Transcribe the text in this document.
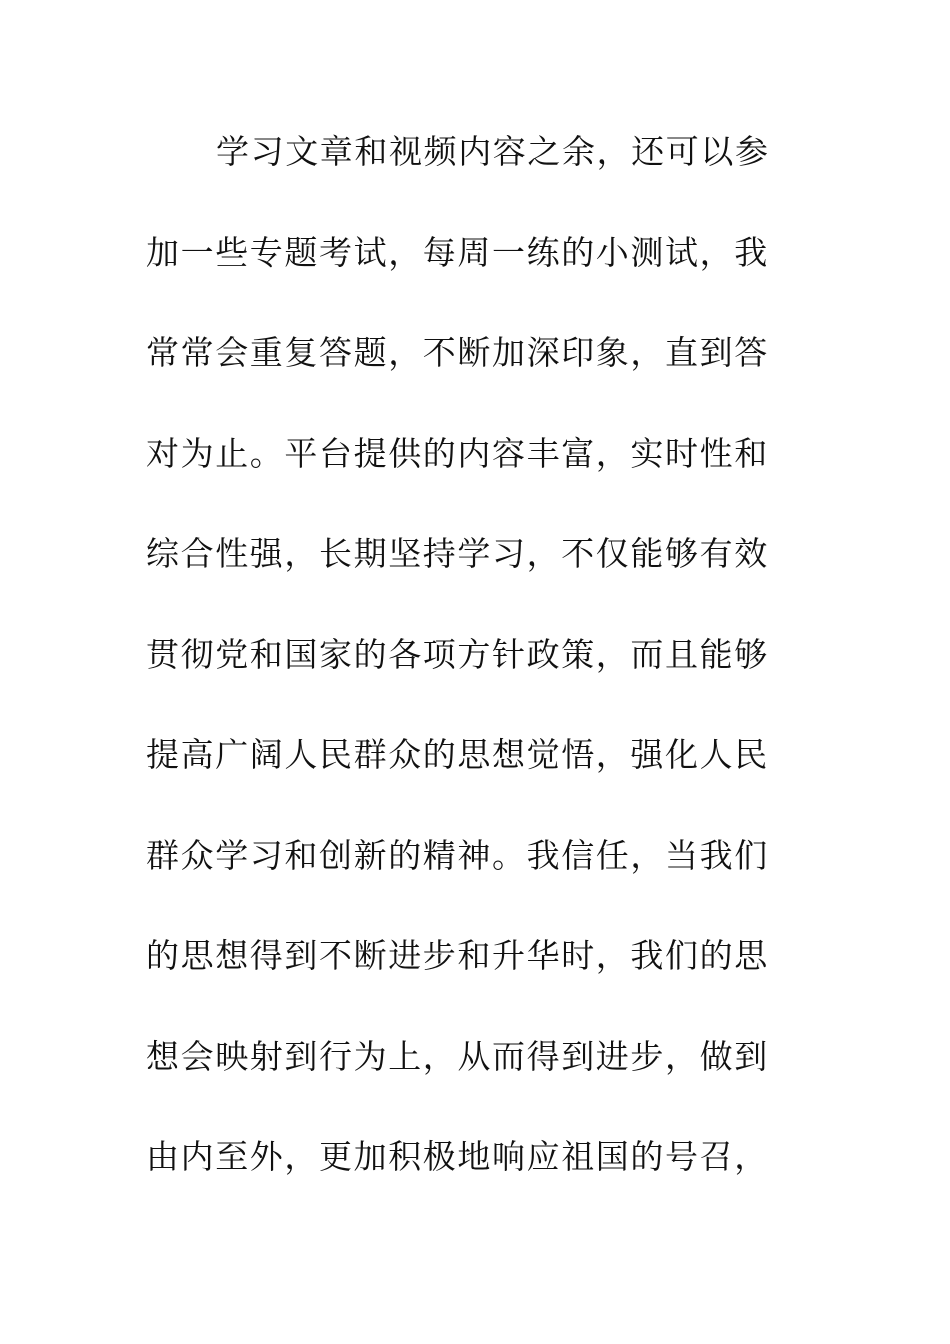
学习文章和视频内容之余，还可以参
加一些专题考试，每周一练的小测试，我
常常会重复答题，不断加深印象，直到答
对为止。平台提供的内容丰富，实时性和
综合性强，长期坚持学习，不仅能够有效
贯彻党和国家的各项方针政策，而且能够
提高广阔人民群众的思想觉悟，强化人民
群众学习和创新的精神。我信任，当我们
的思想得到不断进步和升华时，我们的思
想会映射到行为上，从而得到进步，做到
由内至外，更加积极地响应祖国的号召，
